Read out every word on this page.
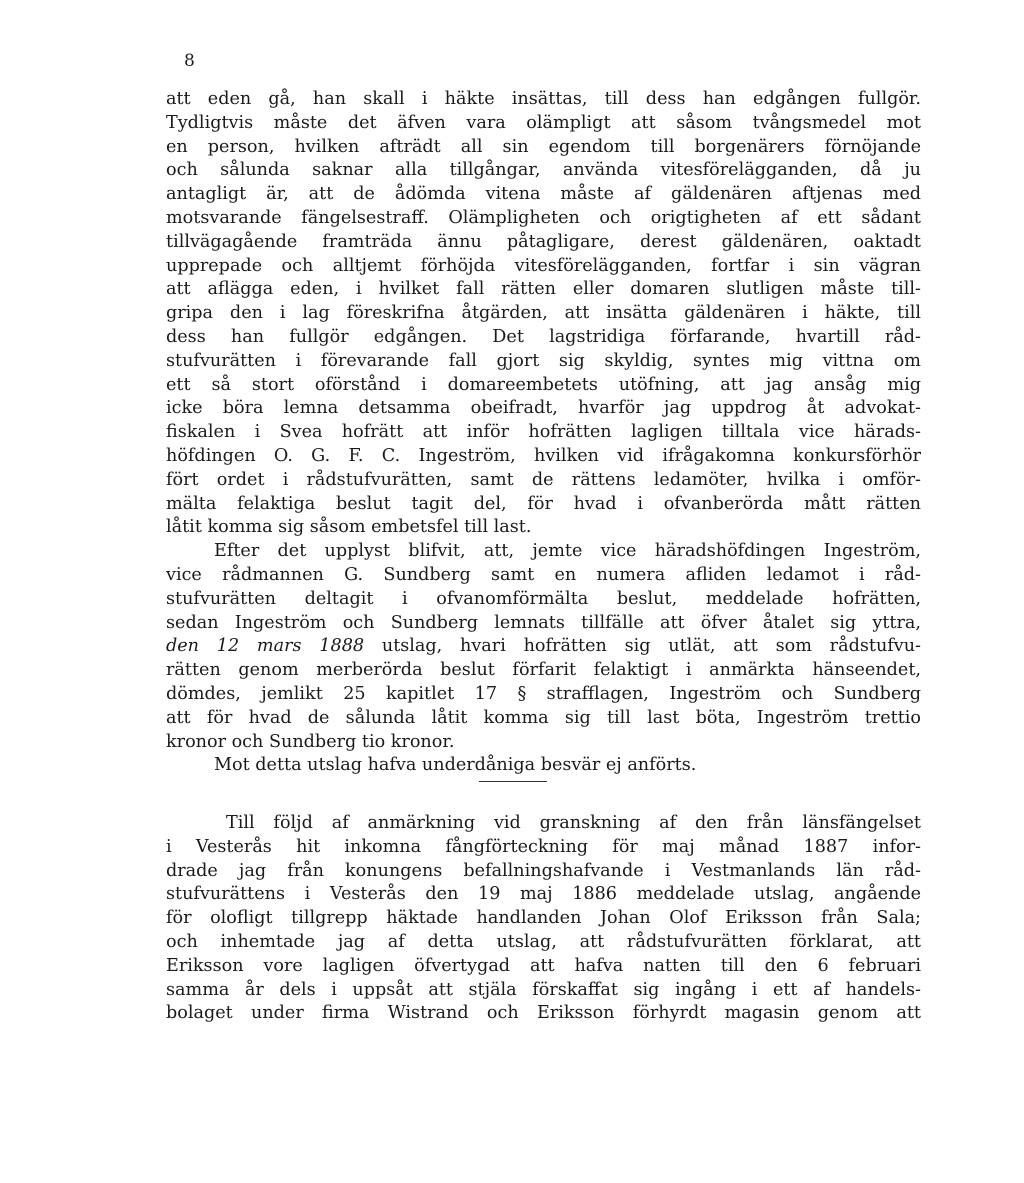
8
att eden gå, han skall i häkte insättas, till dess han edgången fullgör.
Tydligtvis måste det äfven vara olämpligt att såsom tvångsmedel mot
en person, hvilken afträdt all sin egendom till borgenärers förnöjande
och sålunda saknar alla tillgångar, använda vitesförelägganden, då ju
antagligt är, att de ådömda vitena måste af gäldenären aftjenas med
motsvarande fängelsestraff. Olämpligheten och origtigheten af ett sådant
tillvägagående framträda ännu påtagligare, derest gäldenären, oaktadt
upprepade och alltjemt förhöjda vitesförelägganden, fortfar i sin vägran
att aflägga eden, i hvilket fall rätten eller domaren slutligen måste till-
gripa den i lag föreskrifna åtgärden, att insätta gäldenären i häkte, till
dess han fullgör edgången. Det lagstridiga förfarande, hvartill råd-
stufvurätten i förevarande fall gjort sig skyldig, syntes mig vittna om
ett så stort oförstånd i domareembetets utöfning, att jag ansåg mig
icke böra lemna detsamma obeifradt, hvarför jag uppdrog åt advokat-
fiskalen i Svea hofrätt att inför hofrätten lagligen tilltala vice härads-
höfdingen O. G. F. C. Ingeström, hvilken vid ifrågakomna konkursförhör
fört ordet i rådstufvurätten, samt de rättens ledamöter, hvilka i omför-
mälta felaktiga beslut tagit del, för hvad i ofvanberörda mått rätten
låtit komma sig såsom embetsfel till last.
Efter det upplyst blifvit, att, jemte vice häradshöfdingen Ingeström,
vice rådmannen G. Sundberg samt en numera afliden ledamot i råd-
stufvurätten deltagit i ofvanomförmälta beslut, meddelade hofrätten,
sedan Ingeström och Sundberg lemnats tillfälle att öfver åtalet sig yttra,
den 12 mars 1888 utslag, hvari hofrätten sig utlät, att som rådstufvu-
rätten genom merberörda beslut förfarit felaktigt i anmärkta hänseendet,
dömdes, jemlikt 25 kapitlet 17 § strafflagen, Ingeström och Sundberg
att för hvad de sålunda låtit komma sig till last böta, Ingeström trettio
kronor och Sundberg tio kronor.
Mot detta utslag hafva underdåniga besvär ej anförts.
Till följd af anmärkning vid granskning af den från länsfängelset
i Vesterås hit inkomna fångförteckning för maj månad 1887 infor-
drade jag från konungens befallningshafvande i Vestmanlands län råd-
stufvurättens i Vesterås den 19 maj 1886 meddelade utslag, angående
för olofligt tillgrepp häktade handlanden Johan Olof Eriksson från Sala;
och inhemtade jag af detta utslag, att rådstufvurätten förklarat, att
Eriksson vore lagligen öfvertygad att hafva natten till den 6 februari
samma år dels i uppsåt att stjäla förskaffat sig ingång i ett af handels-
bolaget under firma Wistrand och Eriksson förhyrdt magasin genom att
